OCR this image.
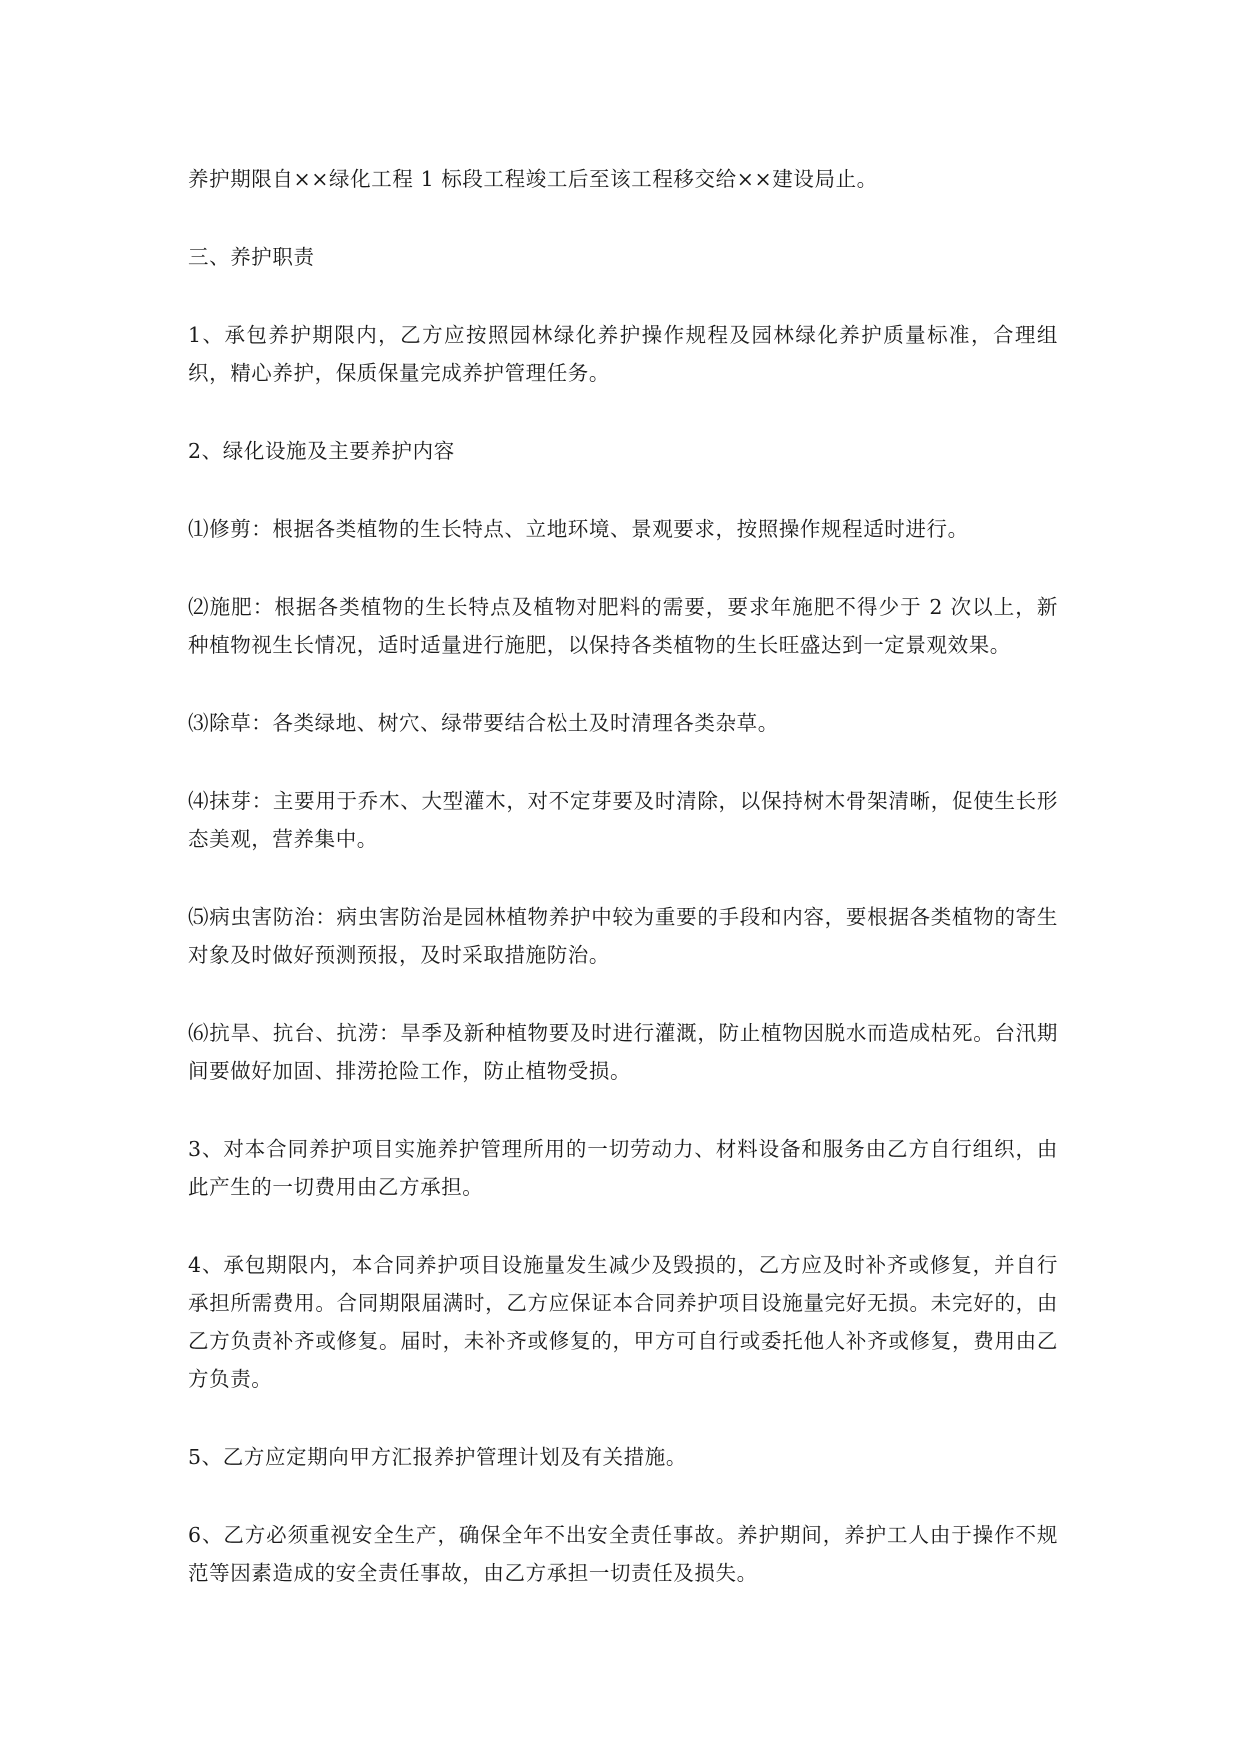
养护期限自××绿化工程 1 标段工程竣工后至该工程移交给××建设局止。

三、养护职责

1、承包养护期限内，乙方应按照园林绿化养护操作规程及园林绿化养护质量标准，合理组织，精心养护，保质保量完成养护管理任务。

2、绿化设施及主要养护内容

⑴修剪：根据各类植物的生长特点、立地环境、景观要求，按照操作规程适时进行。

⑵施肥：根据各类植物的生长特点及植物对肥料的需要，要求年施肥不得少于 2 次以上，新种植物视生长情况，适时适量进行施肥，以保持各类植物的生长旺盛达到一定景观效果。

⑶除草：各类绿地、树穴、绿带要结合松土及时清理各类杂草。

⑷抹芽：主要用于乔木、大型灌木，对不定芽要及时清除，以保持树木骨架清晰，促使生长形态美观，营养集中。

⑸病虫害防治：病虫害防治是园林植物养护中较为重要的手段和内容，要根据各类植物的寄生对象及时做好预测预报，及时采取措施防治。

⑹抗旱、抗台、抗涝：旱季及新种植物要及时进行灌溉，防止植物因脱水而造成枯死。台汛期间要做好加固、排涝抢险工作，防止植物受损。

3、对本合同养护项目实施养护管理所用的一切劳动力、材料设备和服务由乙方自行组织，由此产生的一切费用由乙方承担。

4、承包期限内，本合同养护项目设施量发生减少及毁损的，乙方应及时补齐或修复，并自行承担所需费用。合同期限届满时，乙方应保证本合同养护项目设施量完好无损。未完好的，由乙方负责补齐或修复。届时，未补齐或修复的，甲方可自行或委托他人补齐或修复，费用由乙方负责。

5、乙方应定期向甲方汇报养护管理计划及有关措施。

6、乙方必须重视安全生产，确保全年不出安全责任事故。养护期间，养护工人由于操作不规范等因素造成的安全责任事故，由乙方承担一切责任及损失。
